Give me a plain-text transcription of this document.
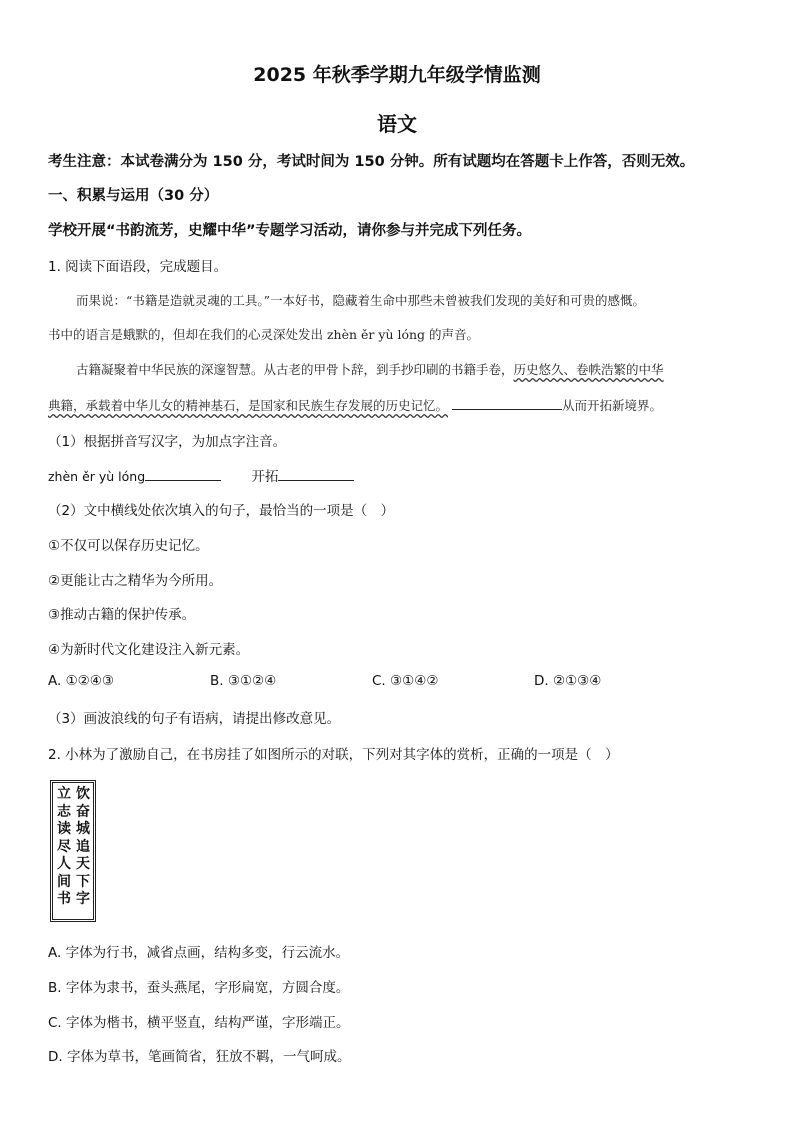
2025 年秋季学期九年级学情监测
语文
考生注意：本试卷满分为 150 分，考试时间为 150 分钟。所有试题均在答题卡上作答，否则无效。
一、积累与运用（30 分）
学校开展“书韵流芳，史耀中华”专题学习活动，请你参与并完成下列任务。
1. 阅读下面语段，完成题目。
而果说：“书籍是造就灵魂的工具。”一本好书，隐藏着生命中那些未曾被我们发现的美好和可贵的感慨。
书中的语言是蛾默的，但却在我们的心灵深处发出 zhèn ěr yù lóng 的声音。
古籍凝聚着中华民族的深邃智慧。从古老的甲骨卜辞，到手抄印刷的书籍手卷，历史悠久、卷帙浩繁的中华
典籍，承载着中华儿女的精神基石，是国家和民族生存发展的历史记忆。	从而开拓新境界。
（1）根据拼音写汉字，为加点字注音。
zhèn ěr yù lóng	开拓
（2）文中横线处依次填入的句子，最恰当的一项是（　）
①不仅可以保存历史记忆。
②更能让古之精华为今所用。
③推动古籍的保护传承。
④为新时代文化建设注入新元素。
A. ①②④③	B. ③①②④	C. ③①④②	D. ②①③④
（3）画波浪线的句子有语病，请提出修改意见。
2. 小林为了激励自己，在书房挂了如图所示的对联，下列对其字体的赏析，正确的一项是（　）
立
志
读
尽
人
间
书
饮
奋
城
追
天
下
字
A. 字体为行书，减省点画，结构多变，行云流水。
B. 字体为隶书，蚕头燕尾，字形扁宽，方圆合度。
C. 字体为楷书，横平竖直，结构严谨，字形端正。
D. 字体为草书，笔画简省，狂放不羁，一气呵成。
